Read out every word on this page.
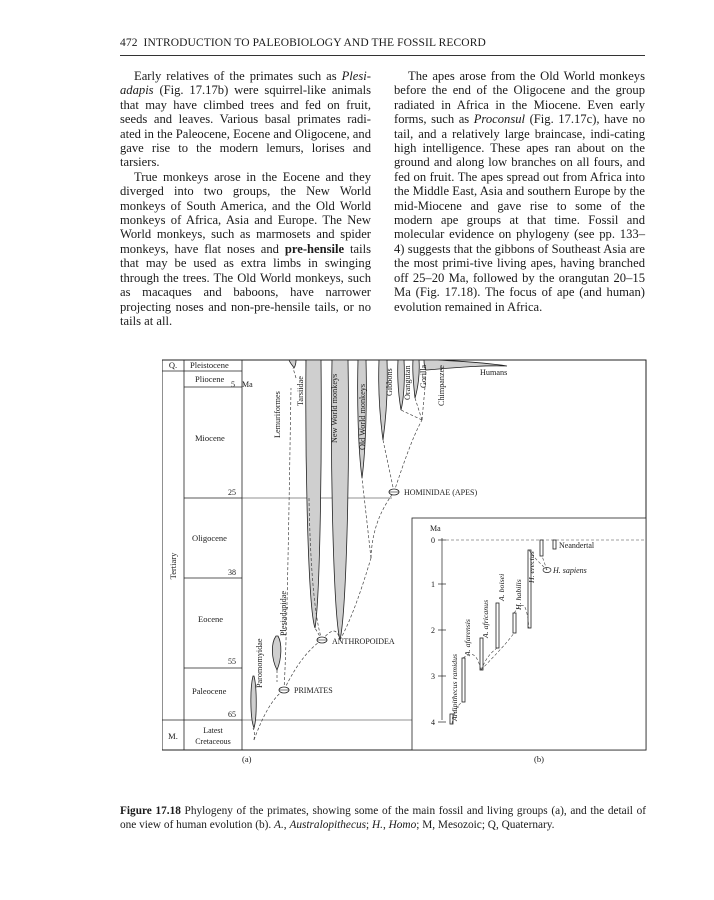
472 INTRODUCTION TO PALEOBIOLOGY AND THE FOSSIL RECORD

Early relatives of the primates such as Plesi-adapis (Fig. 17.17b) were squirrel-like animals that may have climbed trees and fed on fruit, seeds and leaves. Various basal primates radi-ated in the Paleocene, Eocene and Oligocene, and gave rise to the modern lemurs, lorises and tarsiers.

True monkeys arose in the Eocene and they diverged into two groups, the New World monkeys of South America, and the Old World monkeys of Africa, Asia and Europe. The New World monkeys, such as marmosets and spider monkeys, have flat noses and pre-hensile tails that may be used as extra limbs in swinging through the trees. The Old World monkeys, such as macaques and baboons, have narrower projecting noses and non-pre-hensile tails, or no tails at all.

The apes arose from the Old World monkeys before the end of the Oligocene and the group radiated in Africa in the Miocene. Even early forms, such as Proconsul (Fig. 17.17c), have no tail, and a relatively large braincase, indi-cating high intelligence. These apes ran about on the ground and along low branches on all fours, and fed on fruit. The apes spread out from Africa into the Middle East, Asia and southern Europe by the mid-Miocene and gave rise to some of the modern ape groups at that time. Fossil and molecular evidence on phylogeny (see pp. 133–4) suggests that the gibbons of Southeast Asia are the most primi-tive living apes, having branched off 25–20 Ma, followed by the orangutan 20–15 Ma (Fig. 17.18). The focus of ape (and human) evolution remained in Africa.

Q.
M.
Tertiary
Pleistocene
Pliocene
Miocene
Oligocene
Eocene
Paleocene
Latest
Cretaceous
5 Ma
25
38
55
65
PRIMATES
ANTHROPOIDEA
HOMINIDAE (APES)
Lemuriformes
Tarsiidae	New World monkeys Old World monkeys
Gibbons Orangutan Gorilla Chimpanzee
Paromomyidae
Plesiadapidae
Humans
Ma
0
1
2
3
4
Ardipithecus ramidus
A. afarensis A. africanus
A. boisei H. habilis
H. erectus
Neandertal
H. sapiens
(a)	(b)
Figure 17.18 Phylogeny of the primates, showing some of the main fossil and living groups (a), and the detail of one view of human evolution (b). A., Australopithecus; H., Homo; M, Mesozoic; Q, Quaternary.
